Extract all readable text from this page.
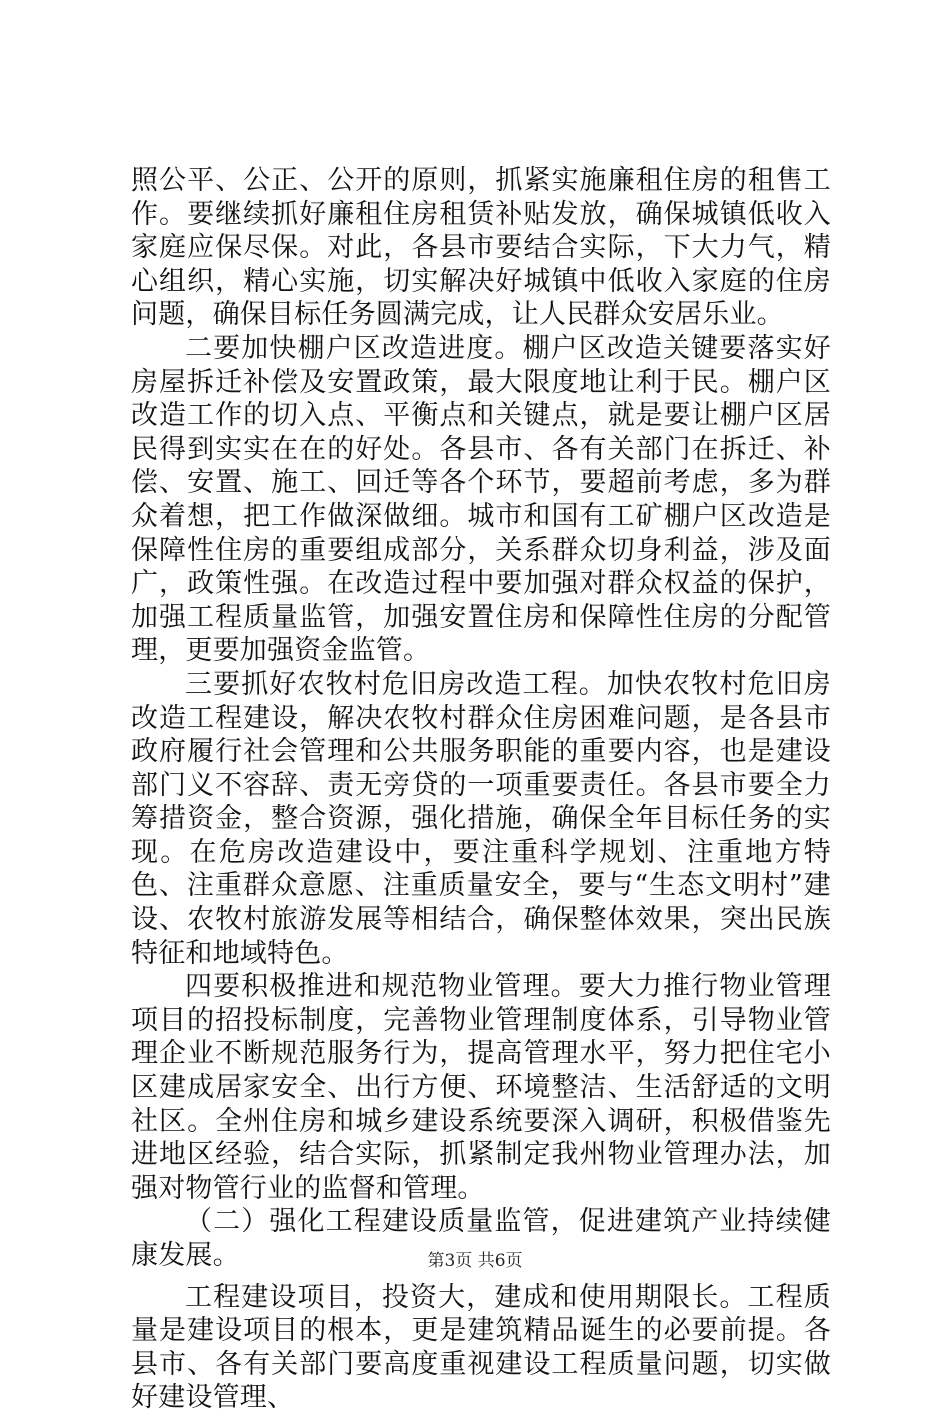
照公平、公正、公开的原则，抓紧实施廉租住房的租售工作。要继续抓好廉租住房租赁补贴发放，确保城镇低收入家庭应保尽保。对此，各县市要结合实际，下大力气，精心组织，精心实施，切实解决好城镇中低收入家庭的住房问题，确保目标任务圆满完成，让人民群众安居乐业。

二要加快棚户区改造进度。棚户区改造关键要落实好房屋拆迁补偿及安置政策，最大限度地让利于民。棚户区改造工作的切入点、平衡点和关键点，就是要让棚户区居民得到实实在在的好处。各县市、各有关部门在拆迁、补偿、安置、施工、回迁等各个环节，要超前考虑，多为群众着想，把工作做深做细。城市和国有工矿棚户区改造是保障性住房的重要组成部分，关系群众切身利益，涉及面广，政策性强。在改造过程中要加强对群众权益的保护，加强工程质量监管，加强安置住房和保障性住房的分配管理，更要加强资金监管。

三要抓好农牧村危旧房改造工程。加快农牧村危旧房改造工程建设，解决农牧村群众住房困难问题，是各县市政府履行社会管理和公共服务职能的重要内容，也是建设部门义不容辞、责无旁贷的一项重要责任。各县市要全力筹措资金，整合资源，强化措施，确保全年目标任务的实现。在危房改造建设中，要注重科学规划、注重地方特色、注重群众意愿、注重质量安全，要与“生态文明村”建设、农牧村旅游发展等相结合，确保整体效果，突出民族特征和地域特色。

四要积极推进和规范物业管理。要大力推行物业管理项目的招投标制度，完善物业管理制度体系，引导物业管理企业不断规范服务行为，提高管理水平，努力把住宅小区建成居家安全、出行方便、环境整洁、生活舒适的文明社区。全州住房和城乡建设系统要深入调研，积极借鉴先进地区经验，结合实际，抓紧制定我州物业管理办法，加强对物管行业的监督和管理。

（二）强化工程建设质量监管，促进建筑产业持续健康发展。

工程建设项目，投资大，建成和使用期限长。工程质量是建设项目的根本，更是建筑精品诞生的必要前提。各县市、各有关部门要高度重视建设工程质量问题，切实做好建设管理、

第3页 共6页
